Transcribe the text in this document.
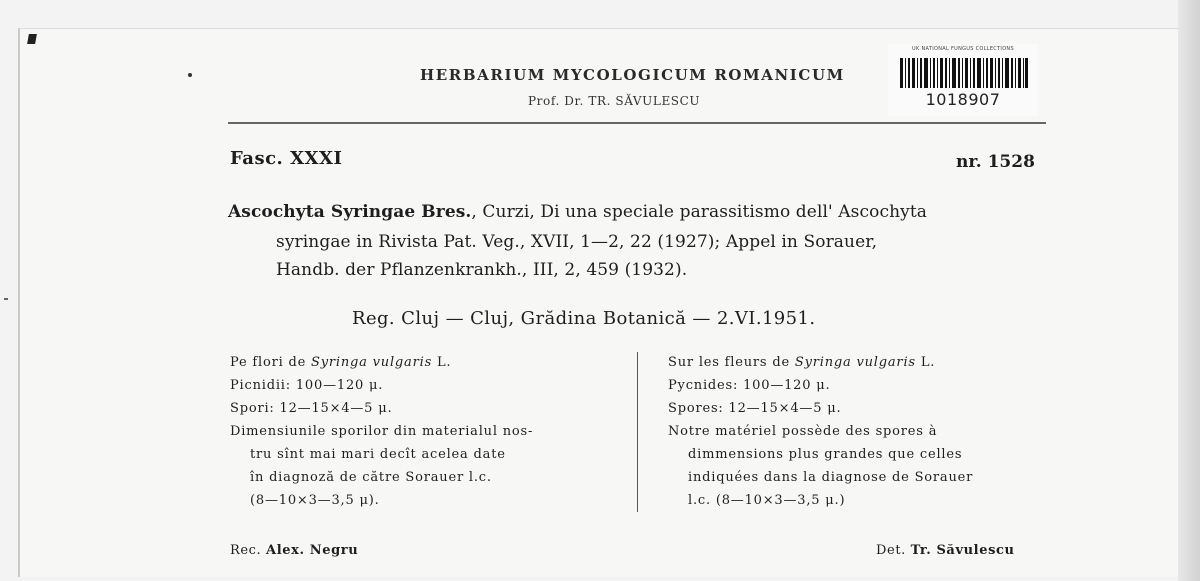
HERBARIUM MYCOLOGICUM ROMANICUM
Prof. Dr. TR. SĂVULESCU
UK NATIONAL FUNGUS COLLECTIONS
1018907
Fasc. XXXI	nr. 1528
Ascochyta Syringae Bres., Curzi, Di una speciale parassitismo dell' Ascochyta
syringae in Rivista Pat. Veg., XVII, 1—2, 22 (1927); Appel in Sorauer,
Handb. der Pflanzenkrankh., III, 2, 459 (1932).
Reg. Cluj — Cluj, Grădina Botanică — 2.VI.1951.
Pe flori de Syringa vulgaris L.
Picnidii: 100—120 μ.
Spori: 12—15×4—5 μ.
Dimensiunile sporilor din materialul nos-
tru sînt mai mari decît acelea date
în diagnoză de către Sorauer l.c.
(8—10×3—3,5 μ).
Sur les fleurs de Syringa vulgaris L.
Pycnides: 100—120 μ.
Spores: 12—15×4—5 μ.
Notre matériel possède des spores à
dimmensions plus grandes que celles
indiquées dans la diagnose de Sorauer
l.c. (8—10×3—3,5 μ.)
Rec. Alex. Negru	Det. Tr. Săvulescu
